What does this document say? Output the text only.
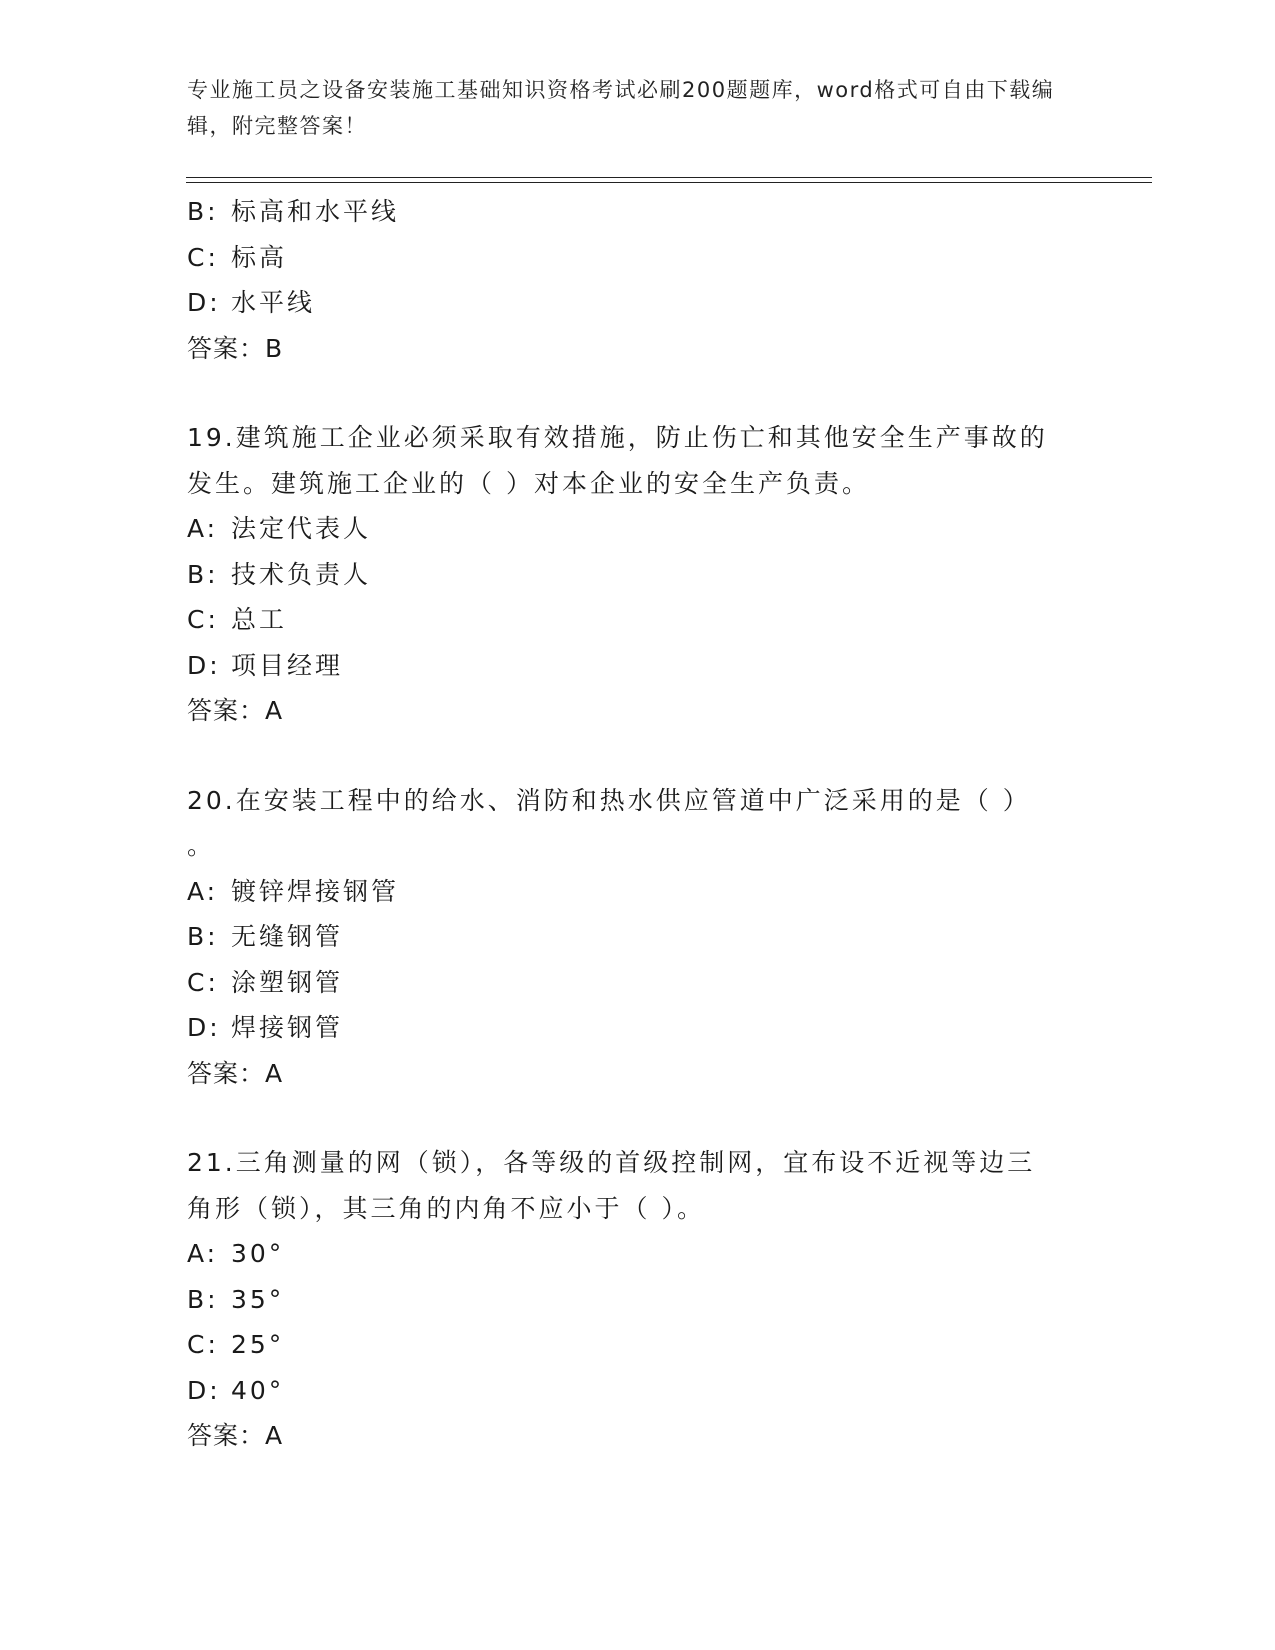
专业施工员之设备安装施工基础知识资格考试必刷200题题库，word格式可自由下载编辑，附完整答案！
B: 标高和水平线
C: 标高
D: 水平线
答案：B
19.建筑施工企业必须采取有效措施，防止伤亡和其他安全生产事故的
发生。建筑施工企业的（ ）对本企业的安全生产负责。
A: 法定代表人
B: 技术负责人
C: 总工
D: 项目经理
答案：A
20.在安装工程中的给水、消防和热水供应管道中广泛采用的是（ ）
。
A: 镀锌焊接钢管
B: 无缝钢管
C: 涂塑钢管
D: 焊接钢管
答案：A
21.三角测量的网（锁），各等级的首级控制网，宜布设不近视等边三
角形（锁），其三角的内角不应小于（ ）。
A: 30°
B: 35°
C: 25°
D: 40°
答案：A
